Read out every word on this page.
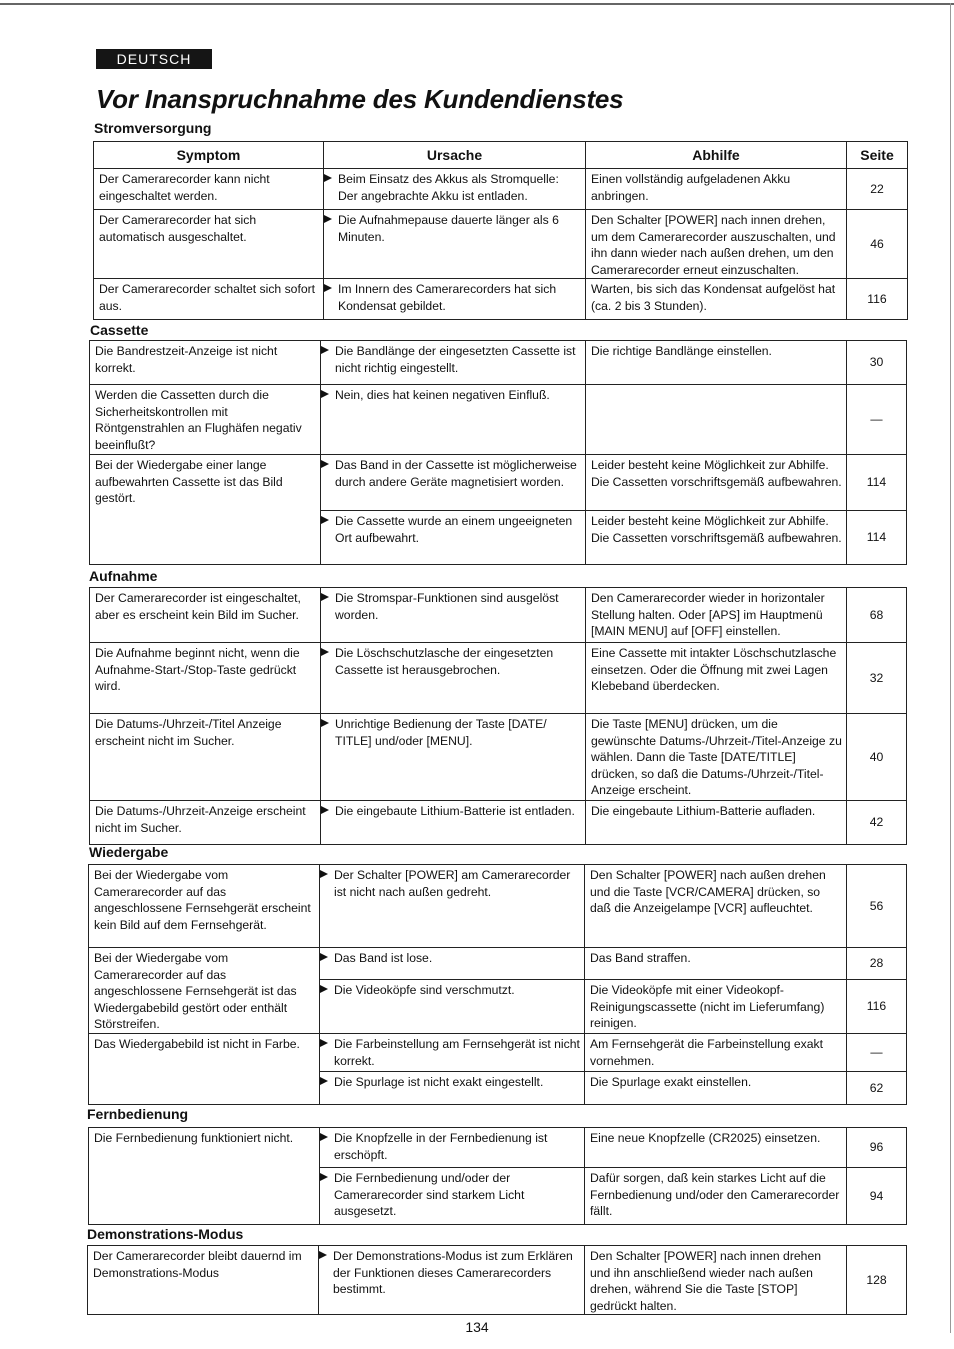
DEUTSCH
Vor Inanspruchnahme des Kundendienstes
Stromversorgung
Symptom	Ursache	Abhilfe	Seite
Der Camerarecorder kann nicht eingeschaltet werden.	Beim Einsatz des Akkus als Stromquelle: Der angebrachte Akku ist entladen.	Einen vollständig aufgeladenen Akku anbringen.	22
Der Camerarecorder hat sich automatisch ausgeschaltet.	Die Aufnahmepause dauerte länger als 6 Minuten.	Den Schalter [POWER] nach innen drehen, um dem Camerarecorder auszuschalten, und ihn dann wieder nach außen drehen, um den Camerarecorder erneut einzuschalten.	46
Der Camerarecorder schaltet sich sofort aus.	Im Innern des Camerarecorders hat sich Kondensat gebildet.	Warten, bis sich das Kondensat aufgelöst hat (ca. 2 bis 3 Stunden).	116
Cassette
Die Bandrestzeit-Anzeige ist nicht korrekt.	Die Bandlänge der eingesetzten Cassette ist nicht richtig eingestellt.	Die richtige Bandlänge einstellen.	30
Werden die Cassetten durch die Sicherheitskontrollen mit Röntgenstrahlen an Flughäfen negativ beeinflußt?	Nein, dies hat keinen negativen Einfluß.		—
Bei der Wiedergabe einer lange aufbewahrten Cassette ist das Bild gestört.	Das Band in der Cassette ist möglicherweise durch andere Geräte magnetisiert worden.	Leider besteht keine Möglichkeit zur Abhilfe. Die Cassetten vorschriftsgemäß aufbewahren.	114
	Die Cassette wurde an einem ungeeigneten Ort aufbewahrt.	Leider besteht keine Möglichkeit zur Abhilfe. Die Cassetten vorschriftsgemäß aufbewahren.	114
Aufnahme
Der Camerarecorder ist eingeschaltet, aber es erscheint kein Bild im Sucher.	Die Stromspar-Funktionen sind ausgelöst worden.	Den Camerarecorder wieder in horizontaler Stellung halten. Oder [APS] im Hauptmenü [MAIN MENU] auf [OFF] einstellen.	68
Die Aufnahme beginnt nicht, wenn die Aufnahme-Start-/Stop-Taste gedrückt wird.	Die Löschschutzlasche der eingesetzten Cassette ist herausgebrochen.	Eine Cassette mit intakter Löschschutzlasche einsetzen. Oder die Öffnung mit zwei Lagen Klebeband überdecken.	32
Die Datums-/Uhrzeit-/Titel Anzeige erscheint nicht im Sucher.	Unrichtige Bedienung der Taste [DATE/ TITLE] und/oder [MENU].	Die Taste [MENU] drücken, um die gewünschte Datums-/Uhrzeit-/Titel-Anzeige zu wählen. Dann die Taste [DATE/TITLE] drücken, so daß die Datums-/Uhrzeit-/Titel-Anzeige erscheint.	40
Die Datums-/Uhrzeit-Anzeige erscheint nicht im Sucher.	Die eingebaute Lithium-Batterie ist entladen.	Die eingebaute Lithium-Batterie aufladen.	42
Wiedergabe
Bei der Wiedergabe vom Camerarecorder auf das angeschlossene Fernsehgerät erscheint kein Bild auf dem Fernsehgerät.	Der Schalter [POWER] am Camerarecorder ist nicht nach außen gedreht.	Den Schalter [POWER] nach außen drehen und die Taste [VCR/CAMERA] drücken, so daß die Anzeigelampe [VCR] aufleuchtet.	56
Bei der Wiedergabe vom Camerarecorder auf das angeschlossene Fernsehgerät ist das Wiedergabebild gestört oder enthält Störstreifen.	Das Band ist lose.	Das Band straffen.	28
	Die Videoköpfe sind verschmutzt.	Die Videoköpfe mit einer Videokopf-Reinigungscassette (nicht im Lieferumfang) reinigen.	116
Das Wiedergabebild ist nicht in Farbe.	Die Farbeinstellung am Fernsehgerät ist nicht korrekt.	Am Fernsehgerät die Farbeinstellung exakt vornehmen.	—
	Die Spurlage ist nicht exakt eingestellt.	Die Spurlage exakt einstellen.	62
Fernbedienung
Die Fernbedienung funktioniert nicht.	Die Knopfzelle in der Fernbedienung ist erschöpft.	Eine neue Knopfzelle (CR2025) einsetzen.	96
	Die Fernbedienung und/oder der Camerarecorder sind starkem Licht ausgesetzt.	Dafür sorgen, daß kein starkes Licht auf die Fernbedienung und/oder den Camerarecorder fällt.	94
Demonstrations-Modus
Der Camerarecorder bleibt dauernd im Demonstrations-Modus	Der Demonstrations-Modus ist zum Erklären der Funktionen dieses Camerarecorders bestimmt.	Den Schalter [POWER] nach innen drehen und ihn anschließend wieder nach außen drehen, während Sie die Taste [STOP] gedrückt halten.	128
134
